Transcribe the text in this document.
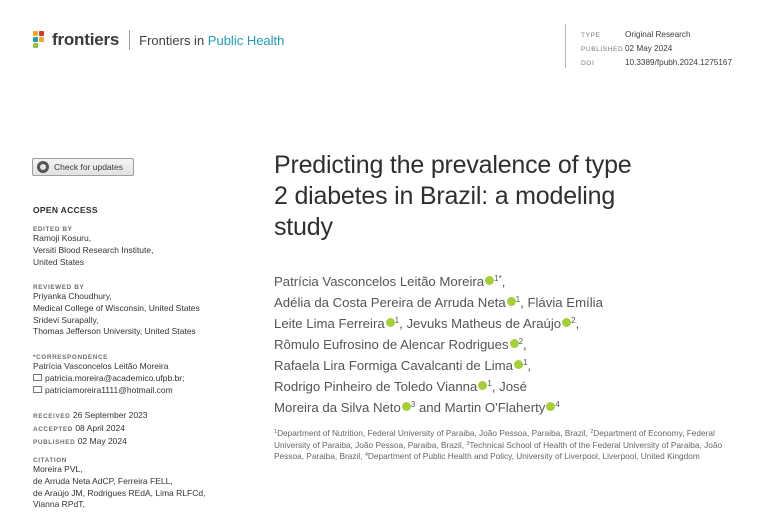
frontiers Frontiers in Public Health	TYPE	Original Research
PUBLISHED 02 May 2024
DOI	10.3389/fpubh.2024.1275167
Check for updates
OPEN ACCESS
EDITED BY
Ramoji Kosuru,
Versiti Blood Research Institute,
United States
REVIEWED BY
Priyanka Choudhury,
Medical College of Wisconsin, United States
Sridevi Surapally,
Thomas Jefferson University, United States
*CORRESPONDENCE
Patrícia Vasconcelos Leitão Moreira
patricia.moreira@academico.ufpb.br;
patriciamoreira1111@hotmail.com
RECEIVED 26 September 2023
ACCEPTED 08 April 2024
PUBLISHED 02 May 2024
CITATION
Moreira PVL,
de Arruda Neta AdCP, Ferreira FELL,
de Araújo JM, Rodrigues REdA, Lima RLFCd,
Vianna RPdT,
Predicting the prevalence of type
2 diabetes in Brazil: a modeling
study
Patrícia Vasconcelos Leitão Moreira $^{1*}$,
Adélia da Costa Pereira de Arruda Neta $^1$, Flávia Emília
Leite Lima Ferreira $^1$, Jevuks Matheus de Araújo $^2$,
Rômulo Eufrosino de Alencar Rodrigues $^2$,
Rafaela Lira Formiga Cavalcanti de Lima $^1$,
Rodrigo Pinheiro de Toledo Vianna $^1$, José
Moreira da Silva Neto $^3$ and Martin O'Flaherty $^4$
$^1$Department of Nutrition, Federal University of Paraiba, João Pessoa, Paraiba, Brazil, $^2$Department of Economy, Federal University of Paraiba, João Pessoa, Paraiba, Brazil, $^3$Technical School of Health of the Federal University of Paraiba, João Pessoa, Paraiba, Brazil, $^4$Department of Public Health and Policy, University of Liverpool, Liverpool, United Kingdom
